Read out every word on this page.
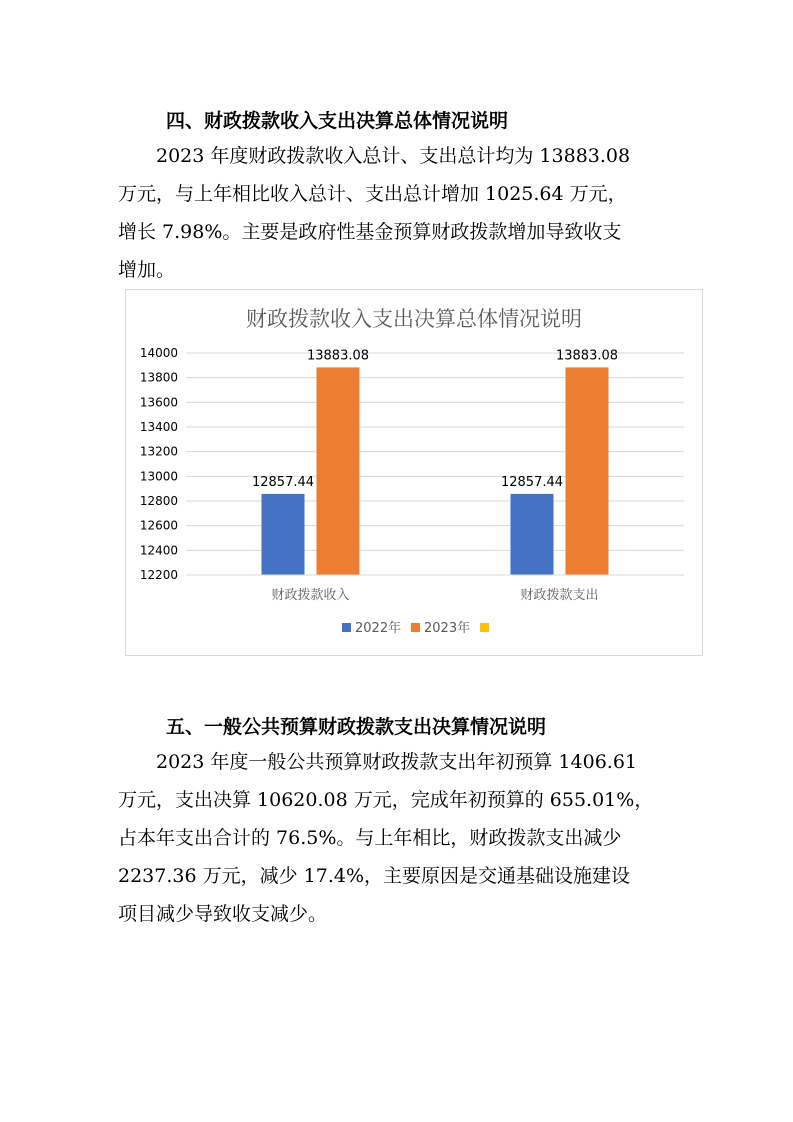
四、财政拨款收入支出决算总体情况说明

2023 年度财政拨款收入总计、支出总计均为 13883.08
万元，与上年相比收入总计、支出总计增加 1025.64 万元，
增长 7.98%。主要是政府性基金预算财政拨款增加导致收支
增加。

财政拨款收入支出决算总体情况说明
12200
12400
12600
12800
13000
13200
13400
13600
13800
14000
12857.44
13883.08
财政拨款收入
12857.44
13883.08
财政拨款支出
2022年 2023年
五、一般公共预算财政拨款支出决算情况说明

2023 年度一般公共预算财政拨款支出年初预算 1406.61
万元，支出决算 10620.08 万元，完成年初预算的 655.01%，
占本年支出合计的 76.5%。与上年相比，财政拨款支出减少
2237.36 万元，减少 17.4%，主要原因是交通基础设施建设
项目减少导致收支减少。
